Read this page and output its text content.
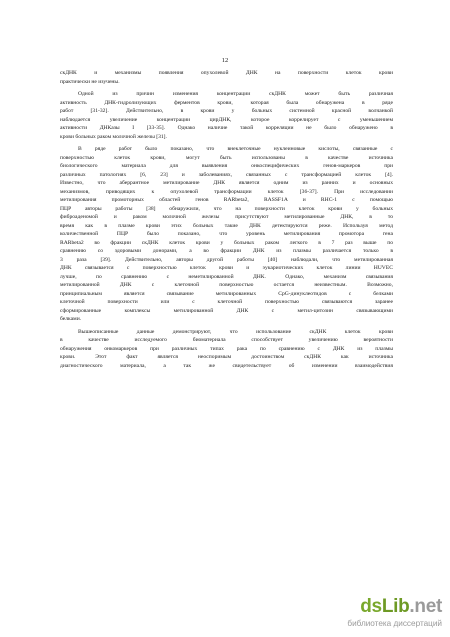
12
скДНК и механизмы появления опухолевой ДНК на поверхности клеток крови
практически не изучены.
Одной из причин изменения концентрации скДНК может быть различная
активность ДНК-гидролизующих ферментов крови, которая была обнаружена в ряде
работ [31-32]. Действительно, в крови у больных системной красной волчанкой
наблюдается увеличение концентрации цирДНК, которое коррелирует с уменьшением
активности ДНКазы I [33-35]. Однако наличие такой корреляции не было обнаружено в
крови больных раком молочной железы [31].
В ряде работ было показано, что внеклеточные нуклеиновые кислоты, связанные с
поверхностью клеток крови, могут быть использованы в качестве источника
биологического материала для выявления онкоспецифических генов-маркеров при
различных патологиях [6, 23] и заболеваниях, связанных с трансформацией клеток [4].
Известно, что аберрантное метилирование ДНК является одним из ранних и основных
механизмов, приводящих к опухолевой трансформации клеток [36-37]. При исследовании
метилирования промоторных областей генов RARbeta2, RASSF1A и RHC-1 с помощью
ПЦР авторы работы [38] обнаружили, что на поверхности клеток крови у больных
фиброаденомой и раком молочной железы присутствуют метилированные ДНК, в то
время как в плазме крови этих больных такие ДНК детектируются реже. Используя метод
количественной ПЦР было показано, что уровень метилирования промотора гена
RARbeta2 во фракции скДНК клеток крови у больных раком легкого в 7 раз выше по
сравнению со здоровыми донорами, а во фракции ДНК из плазмы различается только в
3 раза [39]. Действительно, авторы другой работы [40] наблюдали, что метилированная
ДНК связывается с поверхностью клеток крови и эукариотических клеток линии HUVEC
лучше, по сравнению с неметилированной ДНК. Однако, механизм связывания
метилированной ДНК с клеточной поверхностью остается неизвестным. Возможно,
принципиальным является связывание метилированных CpG-динуклеотидов с белками
клеточной поверхности или с клеточной поверхностью связываются заранее
сформированные комплексы метилированной ДНК с метил-цитозин связывающими
белками.
Вышеописанные данные демонстрируют, что использование скДНК клеток крови
в качестве исследуемого биоматериала способствует увеличению вероятности
обнаружения онкомаркеров при различных типах рака по сравнению с ДНК из плазмы
крови. Этот факт является неоспоримым достоинством скДНК как источника
диагностического материала, а так же свидетельствует об изменении взаимодействия
dsLib.net
библиотека диссертаций
